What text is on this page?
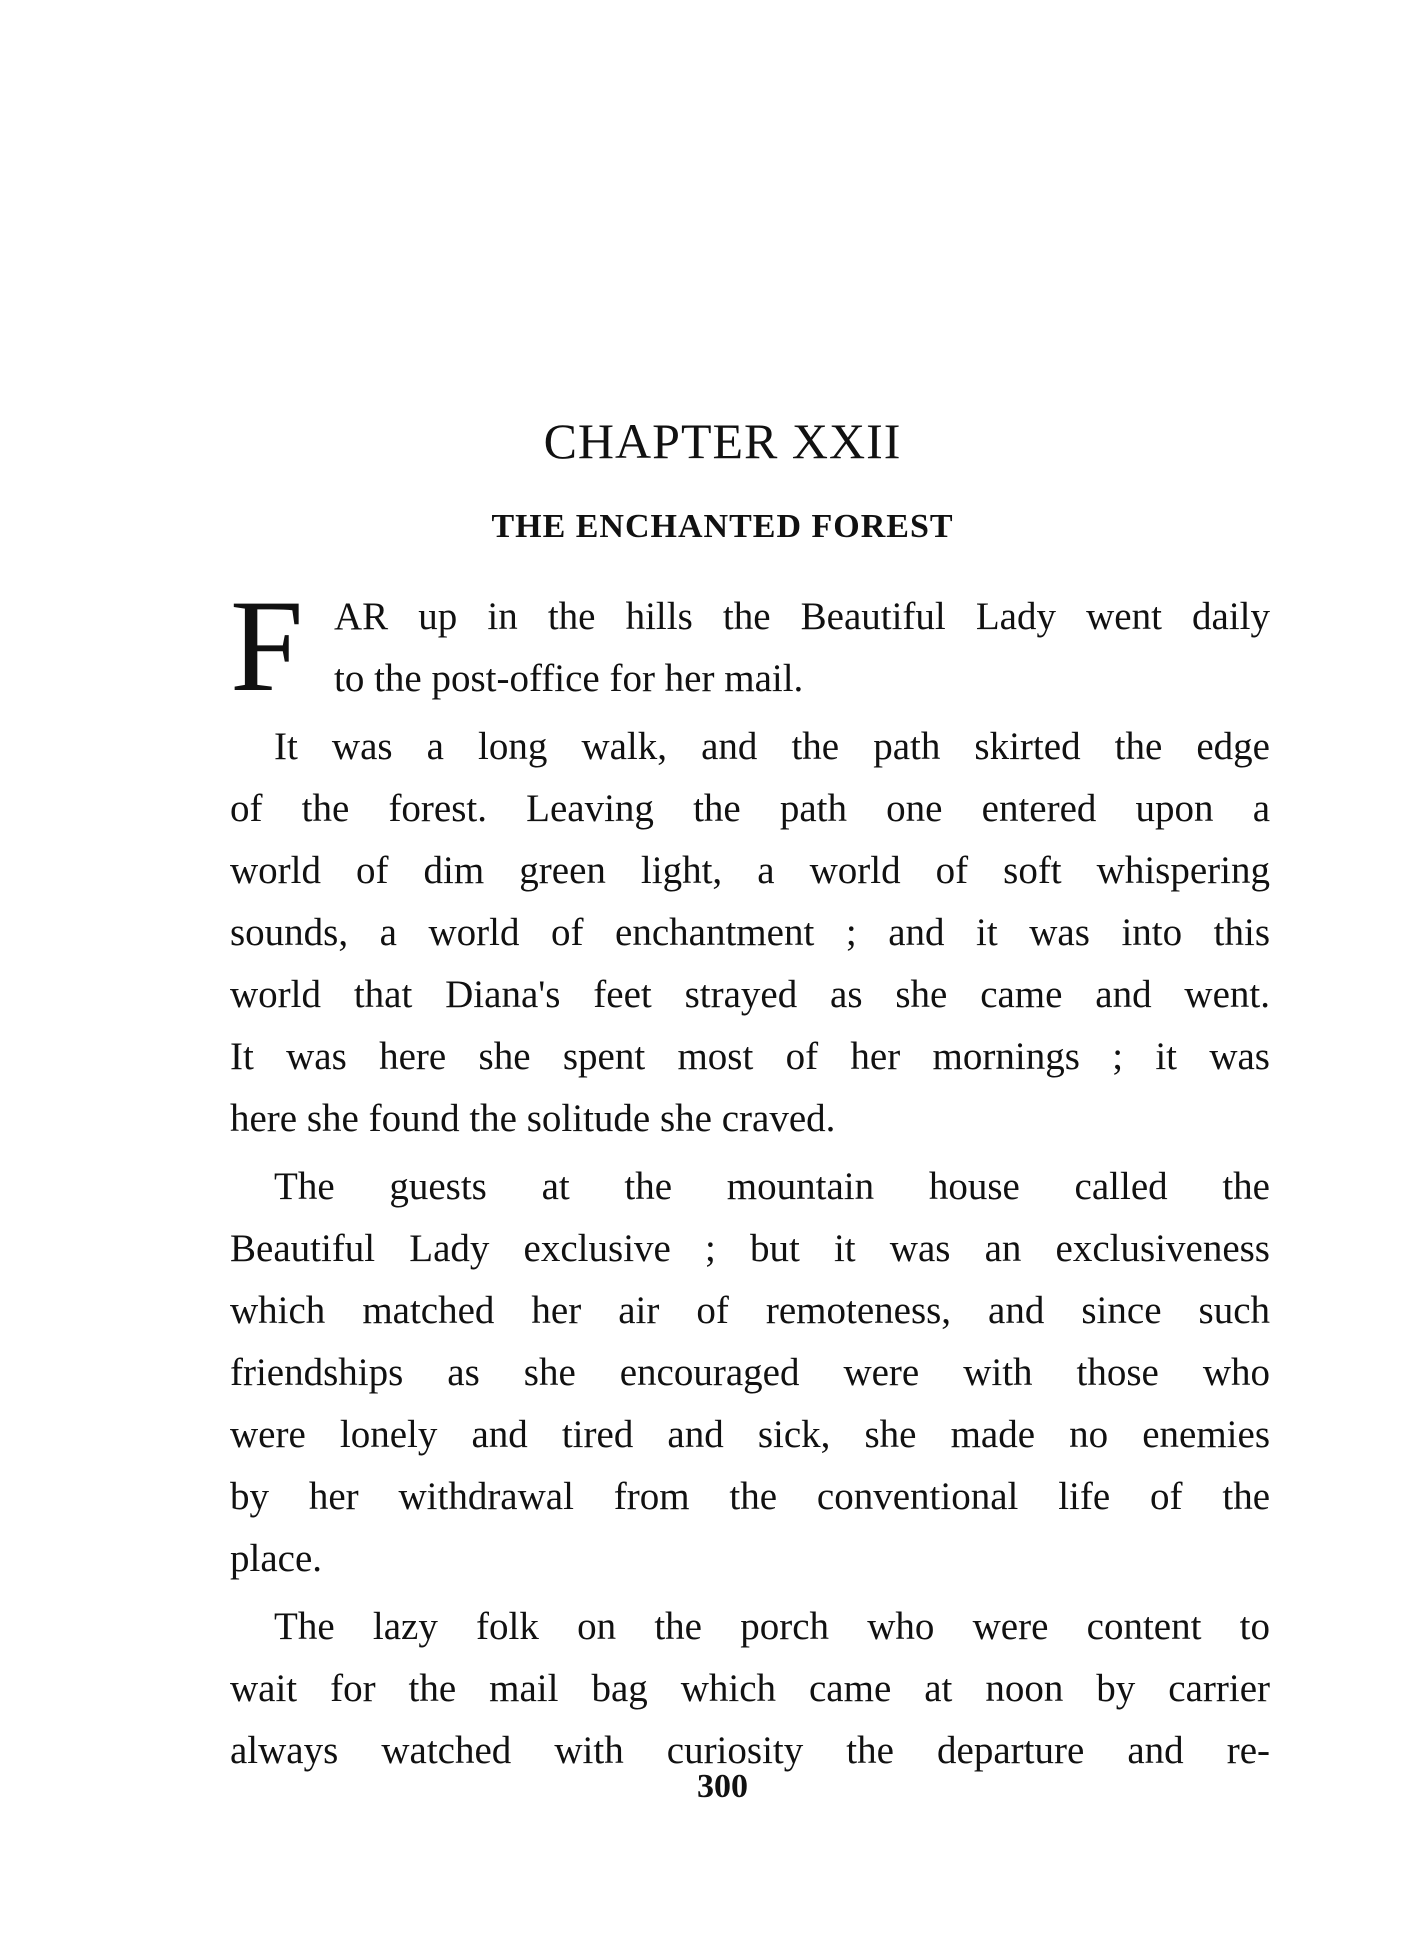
CHAPTER XXII
THE ENCHANTED FOREST
F AR up in the hills the Beautiful Lady went daily
to the post-office for her mail.
It was a long walk, and the path skirted the edge
of the forest. Leaving the path one entered upon a
world of dim green light, a world of soft whispering
sounds, a world of enchantment ; and it was into this
world that Diana's feet strayed as she came and went.
It was here she spent most of her mornings ; it was
here she found the solitude she craved.
The guests at the mountain house called the
Beautiful Lady exclusive ; but it was an exclusiveness
which matched her air of remoteness, and since such
friendships as she encouraged were with those who
were lonely and tired and sick, she made no enemies
by her withdrawal from the conventional life of the
place.
The lazy folk on the porch who were content to
wait for the mail bag which came at noon by carrier
always watched with curiosity the departure and re-
300
